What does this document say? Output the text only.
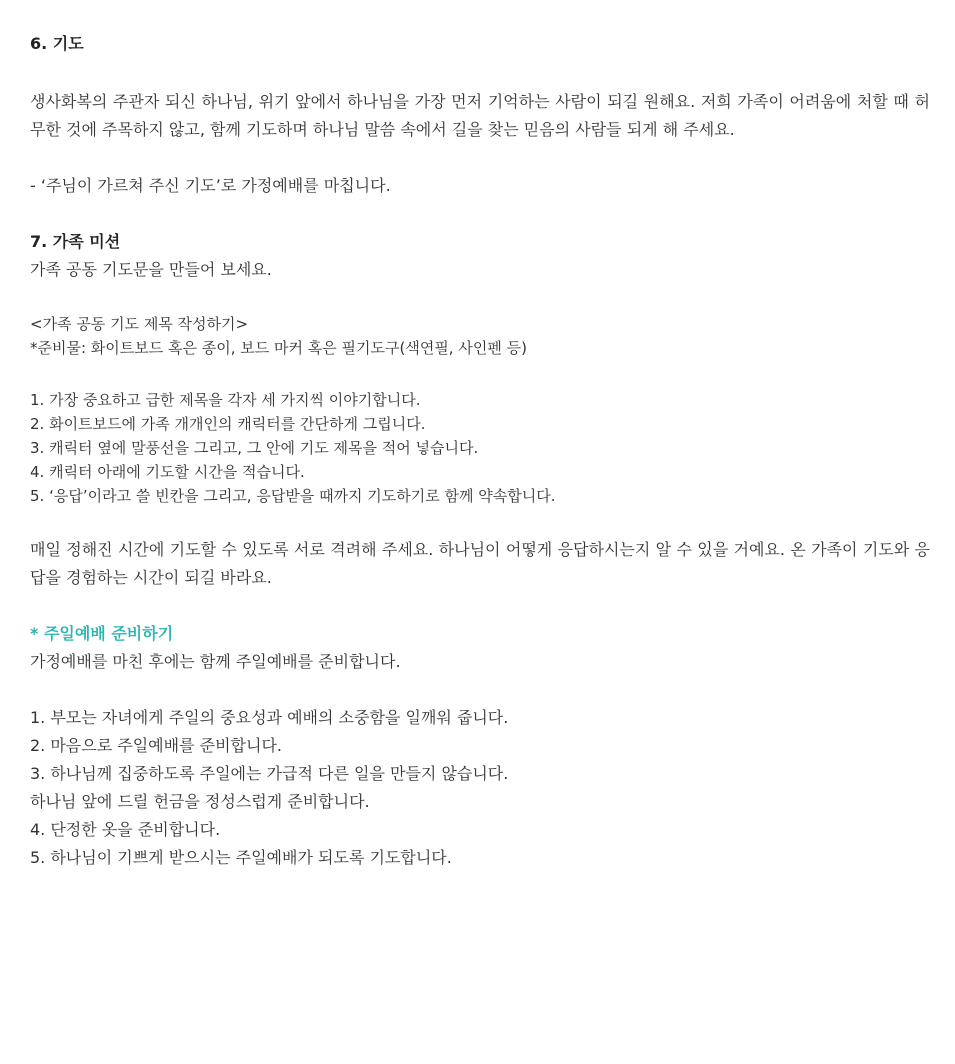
6. 기도

생사화복의 주관자 되신 하나님, 위기 앞에서 하나님을 가장 먼저 기억하는 사람이 되길 원해요. 저희 가족이 어려움에 처할 때 허무한 것에 주목하지 않고, 함께 기도하며 하나님 말씀 속에서 길을 찾는 믿음의 사람들 되게 해 주세요.

- ‘주님이 가르쳐 주신 기도’로 가정예배를 마칩니다.

7. 가족 미션

가족 공동 기도문을 만들어 보세요.

<가족 공동 기도 제목 작성하기>

*준비물: 화이트보드 혹은 종이, 보드 마커 혹은 필기도구(색연필, 사인펜 등)

1. 가장 중요하고 급한 제목을 각자 세 가지씩 이야기합니다.

2. 화이트보드에 가족 개개인의 캐릭터를 간단하게 그립니다.

3. 캐릭터 옆에 말풍선을 그리고, 그 안에 기도 제목을 적어 넣습니다.

4. 캐릭터 아래에 기도할 시간을 적습니다.

5. ‘응답’이라고 쓸 빈칸을 그리고, 응답받을 때까지 기도하기로 함께 약속합니다.

매일 정해진 시간에 기도할 수 있도록 서로 격려해 주세요. 하나님이 어떻게 응답하시는지 알 수 있을 거예요. 온 가족이 기도와 응답을 경험하는 시간이 되길 바라요.

* 주일예배 준비하기

가정예배를 마친 후에는 함께 주일예배를 준비합니다.

1. 부모는 자녀에게 주일의 중요성과 예배의 소중함을 일깨워 줍니다.

2. 마음으로 주일예배를 준비합니다.

3. 하나님께 집중하도록 주일에는 가급적 다른 일을 만들지 않습니다.

하나님 앞에 드릴 헌금을 정성스럽게 준비합니다.

4. 단정한 옷을 준비합니다.

5. 하나님이 기쁘게 받으시는 주일예배가 되도록 기도합니다.
